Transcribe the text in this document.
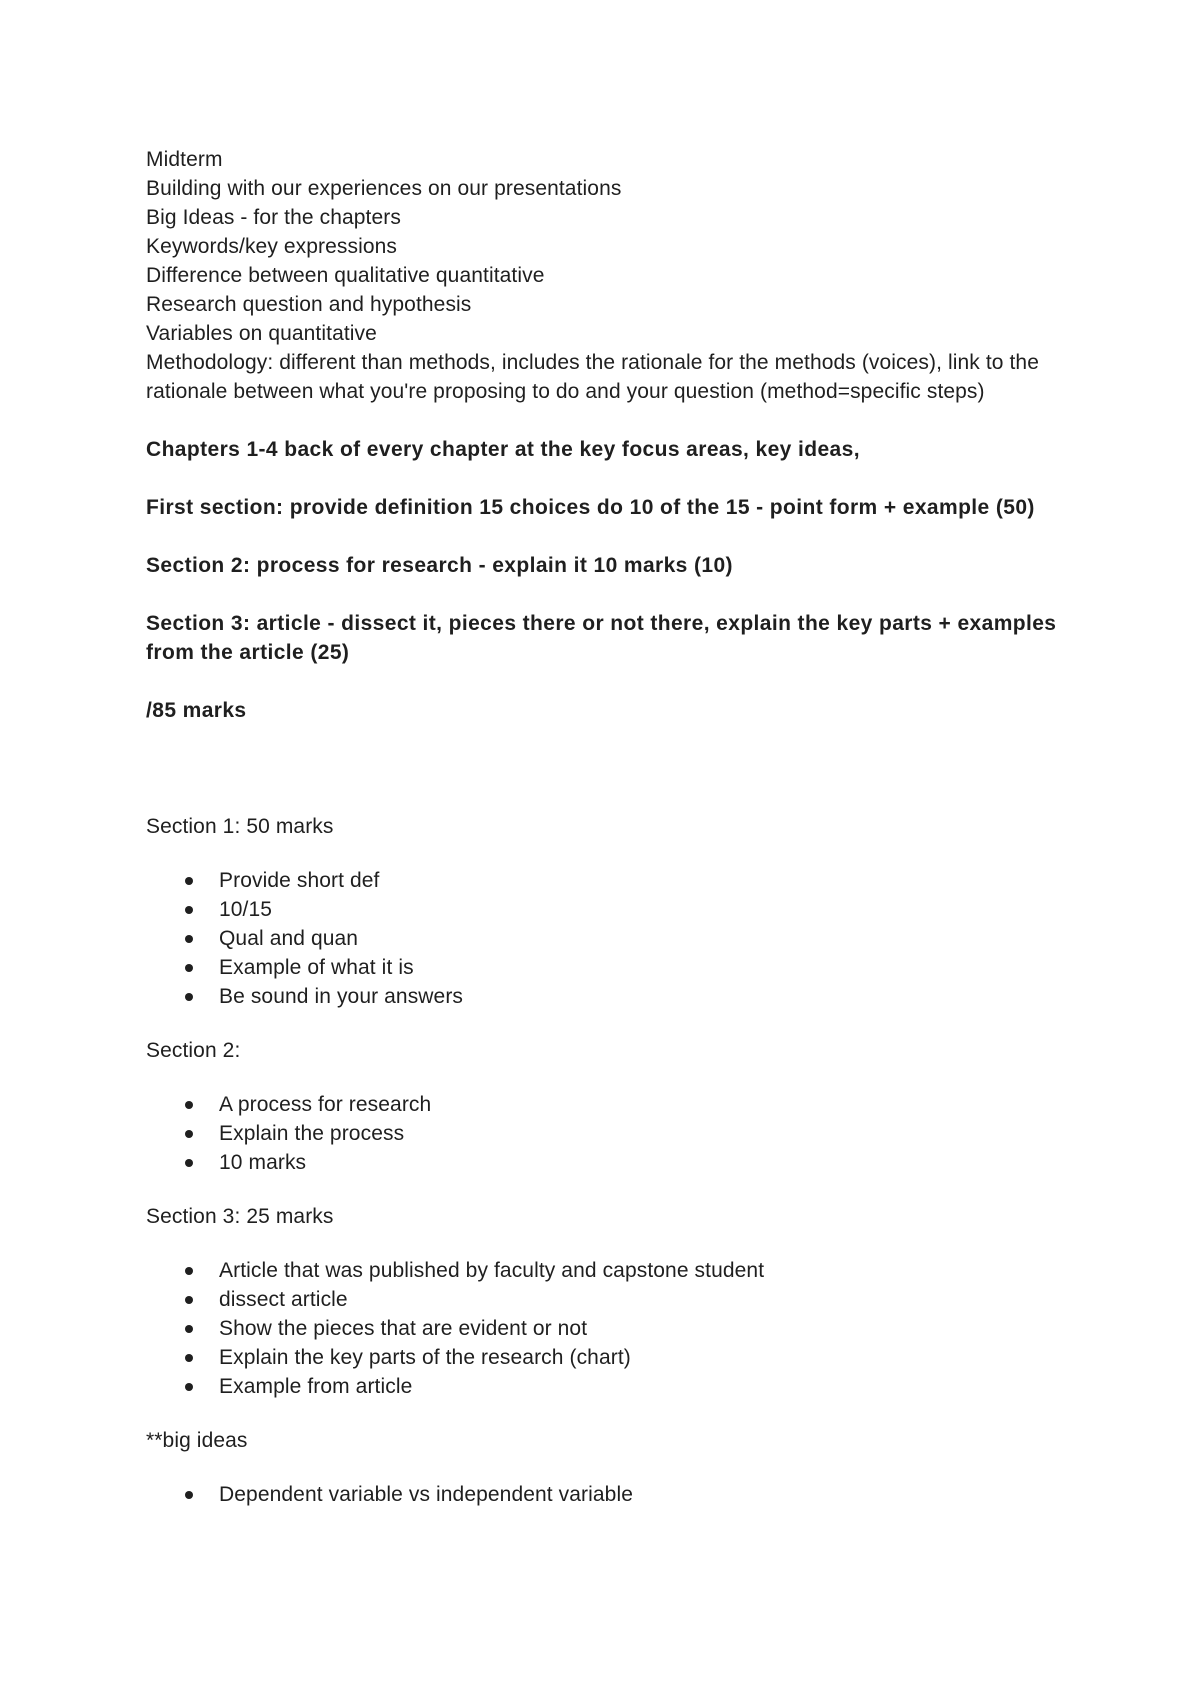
Midterm

Building with our experiences on our presentations

Big Ideas - for the chapters

Keywords/key expressions

Difference between qualitative quantitative

Research question and hypothesis

Variables on quantitative

Methodology: different than methods, includes the rationale for the methods (voices), link to the rationale between what you're proposing to do and your question (method=specific steps)

Chapters 1-4 back of every chapter at the key focus areas, key ideas,

First section: provide definition 15 choices do 10 of the 15 - point form + example (50)

Section 2: process for research - explain it 10 marks (10)

Section 3: article - dissect it, pieces there or not there, explain the key parts + examples from the article (25)

/85 marks

Section 1: 50 marks

Provide short def
10/15
Qual and quan
Example of what it is
Be sound in your answers

Section 2:

A process for research
Explain the process
10 marks

Section 3: 25 marks

Article that was published by faculty and capstone student
dissect article
Show the pieces that are evident or not
Explain the key parts of the research (chart)
Example from article

**big ideas

Dependent variable vs independent variable
